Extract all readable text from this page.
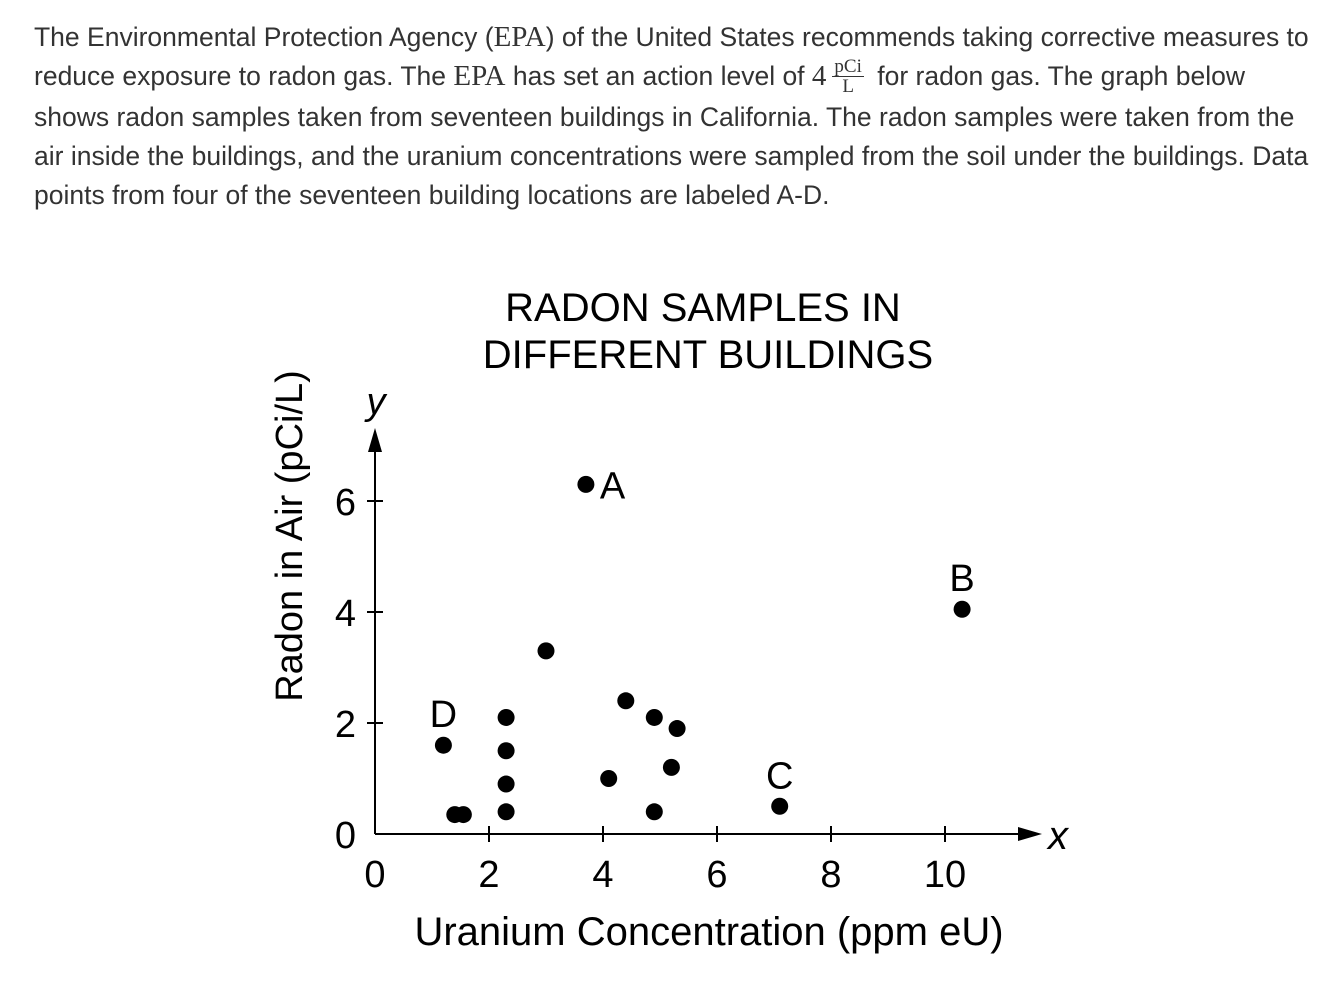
The Environmental Protection Agency (EPA) of the United States recommends taking corrective measures to reduce exposure to radon gas. The EPA has set an action level of $4 \frac{\text{pCi}}{L}$ for radon gas. The graph below shows radon samples taken from seventeen buildings in California. The radon samples were taken from the air inside the buildings, and the uranium concentrations were sampled from the soil under the buildings. Data points from four of the seventeen building locations are labeled A-D.

RADON SAMPLES IN
DIFFERENT BUILDINGS
0 2 4 6 8 10
0
2
4
6	A
B
C
D
Radon in Air (pCi/L)
Uranium Concentration (ppm eU)
y
x
